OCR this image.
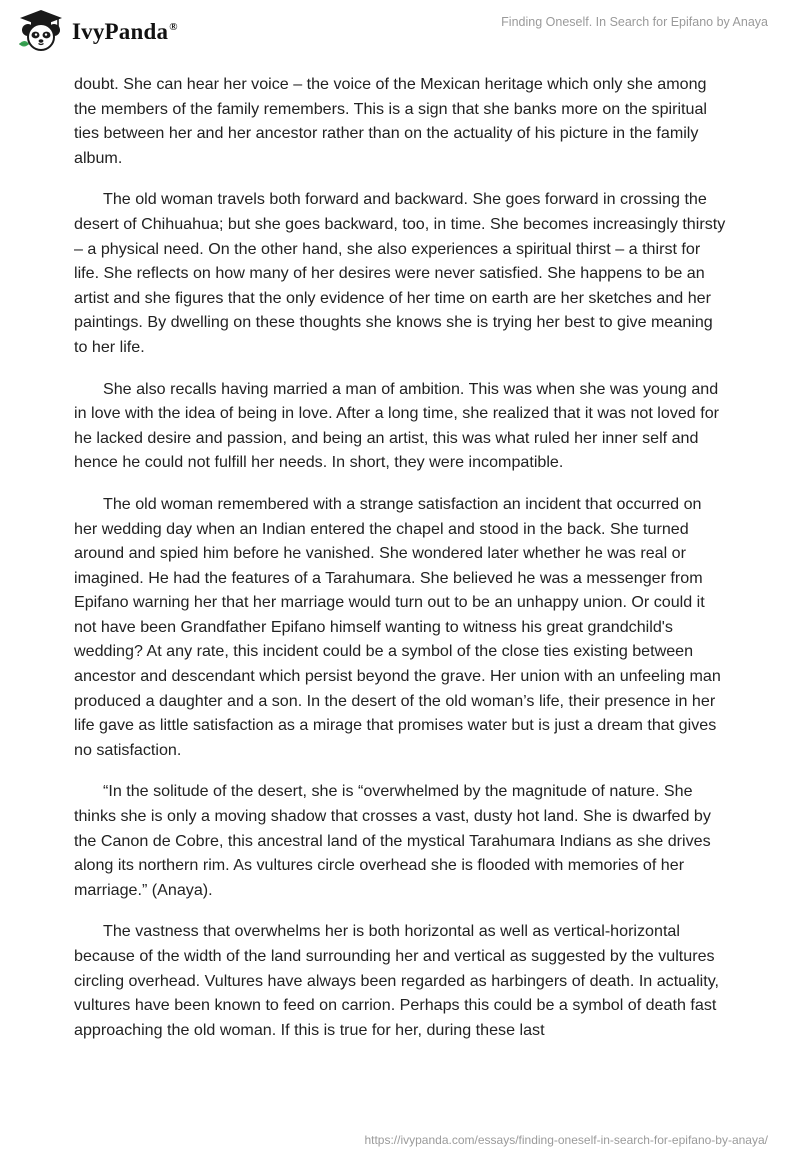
IvyPanda®	Finding Oneself. In Search for Epifano by Anaya

doubt. She can hear her voice – the voice of the Mexican heritage which only she among the members of the family remembers. This is a sign that she banks more on the spiritual ties between her and her ancestor rather than on the actuality of his picture in the family album.

The old woman travels both forward and backward. She goes forward in crossing the desert of Chihuahua; but she goes backward, too, in time. She becomes increasingly thirsty – a physical need. On the other hand, she also experiences a spiritual thirst – a thirst for life. She reflects on how many of her desires were never satisfied. She happens to be an artist and she figures that the only evidence of her time on earth are her sketches and her paintings. By dwelling on these thoughts she knows she is trying her best to give meaning to her life.

She also recalls having married a man of ambition. This was when she was young and in love with the idea of being in love. After a long time, she realized that it was not loved for he lacked desire and passion, and being an artist, this was what ruled her inner self and hence he could not fulfill her needs. In short, they were incompatible.

The old woman remembered with a strange satisfaction an incident that occurred on her wedding day when an Indian entered the chapel and stood in the back. She turned around and spied him before he vanished. She wondered later whether he was real or imagined. He had the features of a Tarahumara. She believed he was a messenger from Epifano warning her that her marriage would turn out to be an unhappy union. Or could it not have been Grandfather Epifano himself wanting to witness his great grandchild's wedding? At any rate, this incident could be a symbol of the close ties existing between ancestor and descendant which persist beyond the grave. Her union with an unfeeling man produced a daughter and a son. In the desert of the old woman’s life, their presence in her life gave as little satisfaction as a mirage that promises water but is just a dream that gives no satisfaction.

“In the solitude of the desert, she is “overwhelmed by the magnitude of nature. She thinks she is only a moving shadow that crosses a vast, dusty hot land. She is dwarfed by the Canon de Cobre, this ancestral land of the mystical Tarahumara Indians as she drives along its northern rim. As vultures circle overhead she is flooded with memories of her marriage.” (Anaya).

The vastness that overwhelms her is both horizontal as well as vertical-horizontal because of the width of the land surrounding her and vertical as suggested by the vultures circling overhead. Vultures have always been regarded as harbingers of death. In actuality, vultures have been known to feed on carrion. Perhaps this could be a symbol of death fast approaching the old woman. If this is true for her, during these last

https://ivypanda.com/essays/finding-oneself-in-search-for-epifano-by-anaya/
